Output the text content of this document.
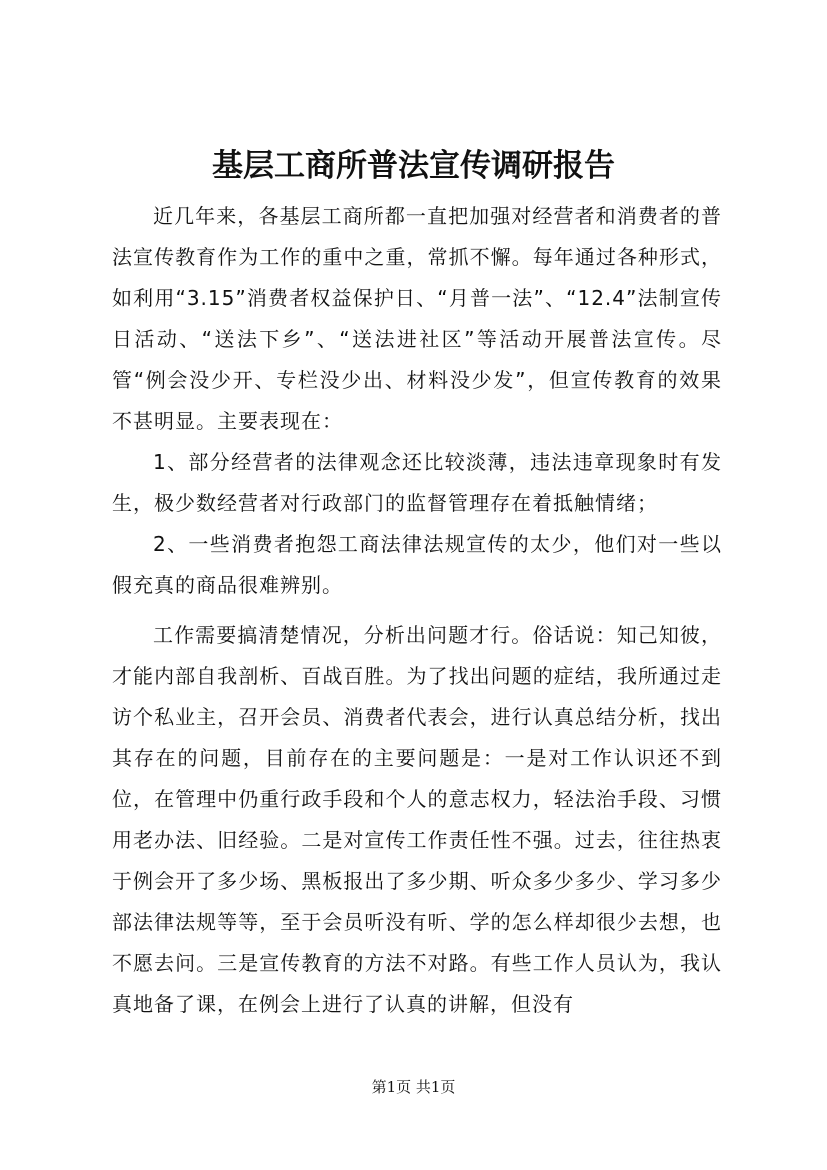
基层工商所普法宣传调研报告

近几年来，各基层工商所都一直把加强对经营者和消费者的普法宣传教育作为工作的重中之重，常抓不懈。每年通过各种形式，如利用“3.15”消费者权益保护日、“月普一法”、“12.4”法制宣传日活动、“送法下乡”、“送法进社区”等活动开展普法宣传。尽管“例会没少开、专栏没少出、材料没少发”，但宣传教育的效果不甚明显。主要表现在：

1、部分经营者的法律观念还比较淡薄，违法违章现象时有发生，极少数经营者对行政部门的监督管理存在着抵触情绪；

2、一些消费者抱怨工商法律法规宣传的太少，他们对一些以假充真的商品很难辨别。

工作需要搞清楚情况，分析出问题才行。俗话说：知己知彼，才能内部自我剖析、百战百胜。为了找出问题的症结，我所通过走访个私业主，召开会员、消费者代表会，进行认真总结分析，找出其存在的问题，目前存在的主要问题是：一是对工作认识还不到位，在管理中仍重行政手段和个人的意志权力，轻法治手段、习惯用老办法、旧经验。二是对宣传工作责任性不强。过去，往往热衷于例会开了多少场、黑板报出了多少期、听众多少多少、学习多少部法律法规等等，至于会员听没有听、学的怎么样却很少去想，也不愿去问。三是宣传教育的方法不对路。有些工作人员认为，我认真地备了课，在例会上进行了认真的讲解，但没有

第1页 共1页
